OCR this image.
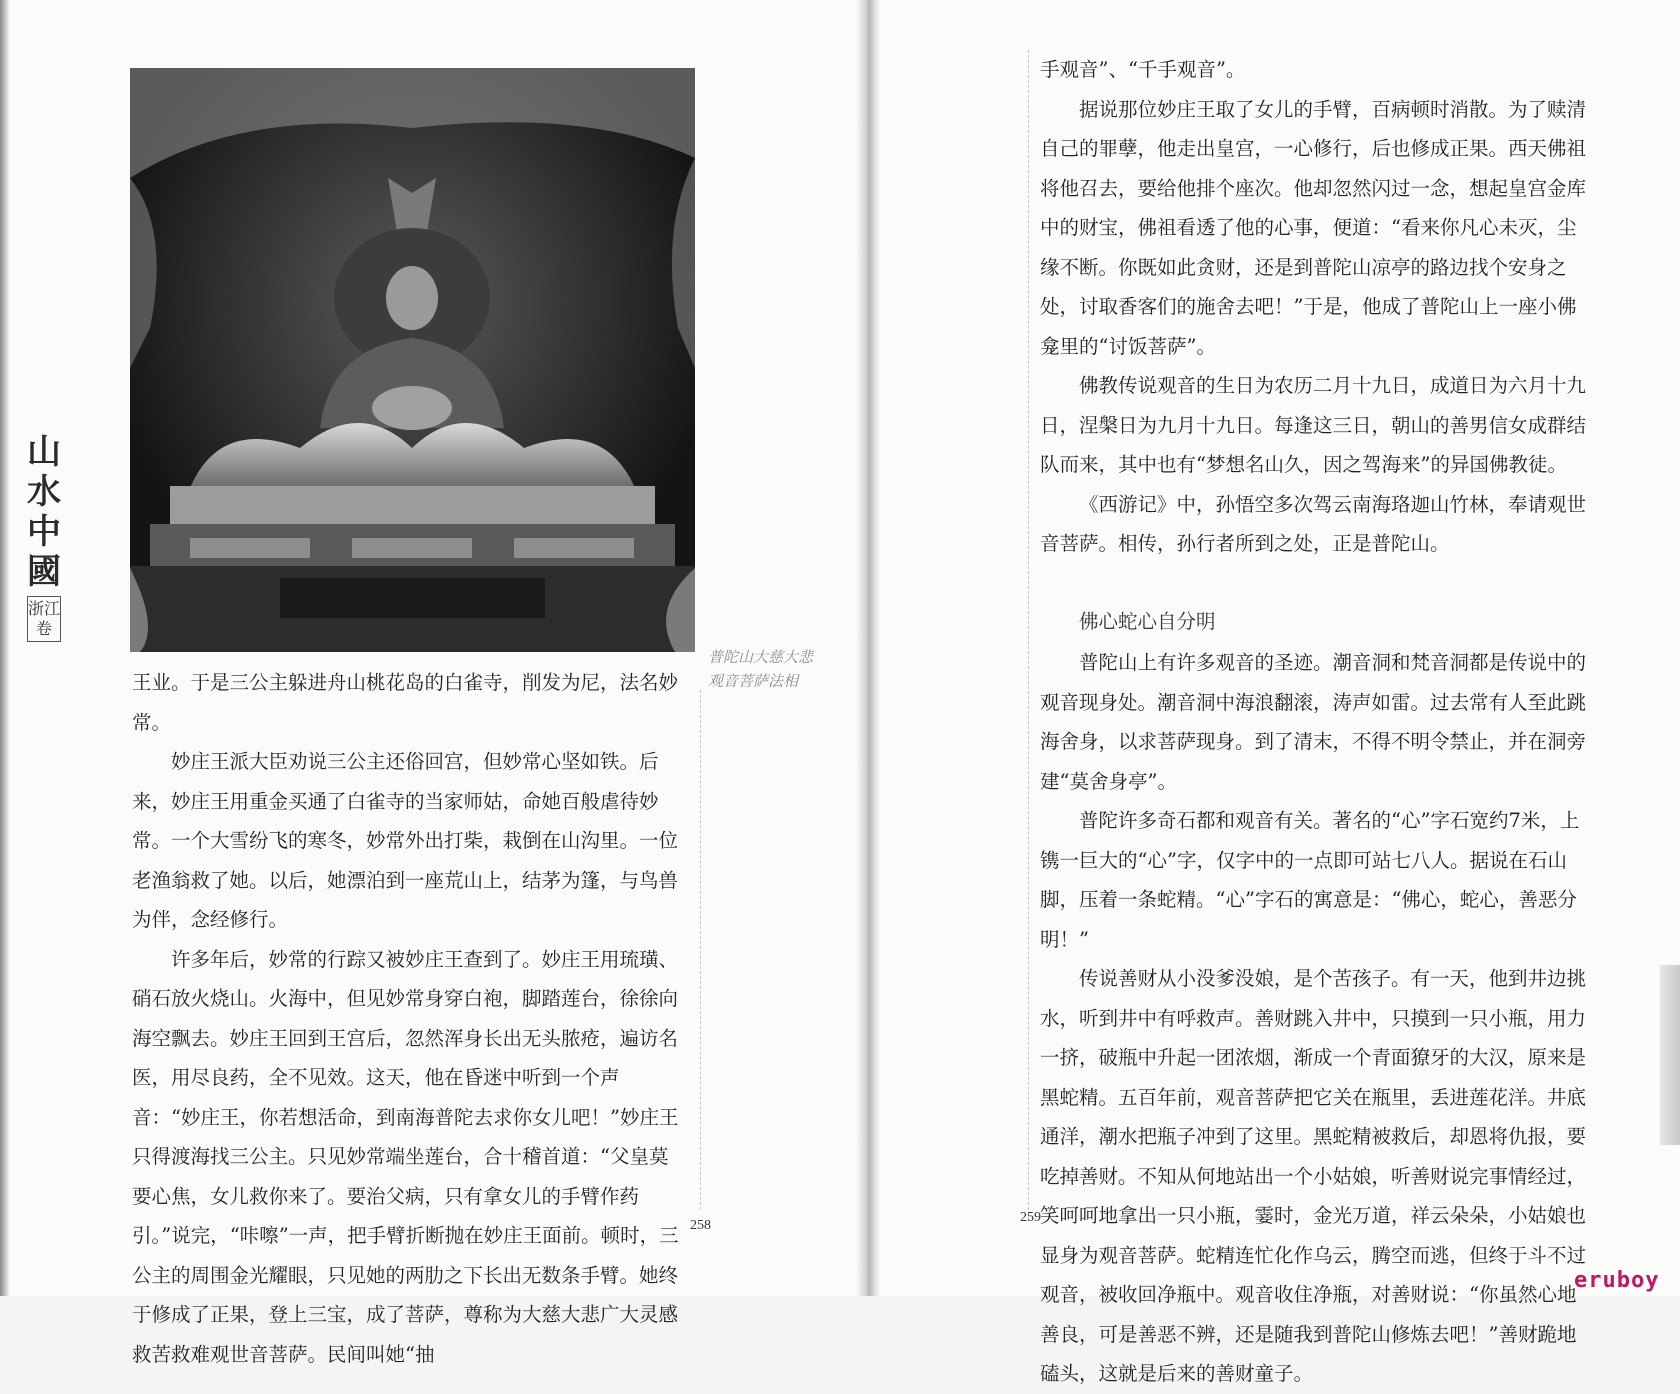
普陀山大慈大悲
观音菩萨法相
山
水
中
國
浙江卷

王业。于是三公主躲进舟山桃花岛的白雀寺，削发为尼，法名妙常。

妙庄王派大臣劝说三公主还俗回宫，但妙常心坚如铁。后来，妙庄王用重金买通了白雀寺的当家师姑，命她百般虐待妙常。一个大雪纷飞的寒冬，妙常外出打柴，栽倒在山沟里。一位老渔翁救了她。以后，她漂泊到一座荒山上，结茅为篷，与鸟兽为伴，念经修行。

许多年后，妙常的行踪又被妙庄王查到了。妙庄王用琉璜、硝石放火烧山。火海中，但见妙常身穿白袍，脚踏莲台，徐徐向海空飘去。妙庄王回到王宫后，忽然浑身长出无头脓疮，遍访名医，用尽良药，全不见效。这天，他在昏迷中听到一个声音：“妙庄王，你若想活命，到南海普陀去求你女儿吧！”妙庄王只得渡海找三公主。只见妙常端坐莲台，合十稽首道：“父皇莫要心焦，女儿救你来了。要治父病，只有拿女儿的手臂作药引。”说完，“咔嚓”一声，把手臂折断抛在妙庄王面前。顿时，三公主的周围金光耀眼，只见她的两肋之下长出无数条手臂。她终于修成了正果，登上三宝，成了菩萨，尊称为大慈大悲广大灵感救苦救难观世音菩萨。民间叫她“抽

258

手观音”、“千手观音”。

据说那位妙庄王取了女儿的手臂，百病顿时消散。为了赎清自己的罪孽，他走出皇宫，一心修行，后也修成正果。西天佛祖将他召去，要给他排个座次。他却忽然闪过一念，想起皇宫金库中的财宝，佛祖看透了他的心事，便道：“看来你凡心未灭，尘缘不断。你既如此贪财，还是到普陀山凉亭的路边找个安身之处，讨取香客们的施舍去吧！”于是，他成了普陀山上一座小佛龛里的“讨饭菩萨”。

佛教传说观音的生日为农历二月十九日，成道日为六月十九日，涅槃日为九月十九日。每逢这三日，朝山的善男信女成群结队而来，其中也有“梦想名山久，因之驾海来”的异国佛教徒。

《西游记》中，孙悟空多次驾云南海珞迦山竹林，奉请观世音菩萨。相传，孙行者所到之处，正是普陀山。

佛心蛇心自分明

普陀山上有许多观音的圣迹。潮音洞和梵音洞都是传说中的观音现身处。潮音洞中海浪翻滚，涛声如雷。过去常有人至此跳海舍身，以求菩萨现身。到了清末，不得不明令禁止，并在洞旁建“莫舍身亭”。

普陀许多奇石都和观音有关。著名的“心”字石宽约7米，上镌一巨大的“心”字，仅字中的一点即可站七八人。据说在石山脚，压着一条蛇精。“心”字石的寓意是：“佛心，蛇心，善恶分明！”

传说善财从小没爹没娘，是个苦孩子。有一天，他到井边挑水，听到井中有呼救声。善财跳入井中，只摸到一只小瓶，用力一挤，破瓶中升起一团浓烟，渐成一个青面獠牙的大汉，原来是黑蛇精。五百年前，观音菩萨把它关在瓶里，丢进莲花洋。井底通洋，潮水把瓶子冲到了这里。黑蛇精被救后，却恩将仇报，要吃掉善财。不知从何地站出一个小姑娘，听善财说完事情经过，笑呵呵地拿出一只小瓶，霎时，金光万道，祥云朵朵，小姑娘也显身为观音菩萨。蛇精连忙化作乌云，腾空而逃，但终于斗不过观音，被收回净瓶中。观音收住净瓶，对善财说：“你虽然心地善良，可是善恶不辨，还是随我到普陀山修炼去吧！”善财跪地磕头，这就是后来的善财童子。

259
eruboy
